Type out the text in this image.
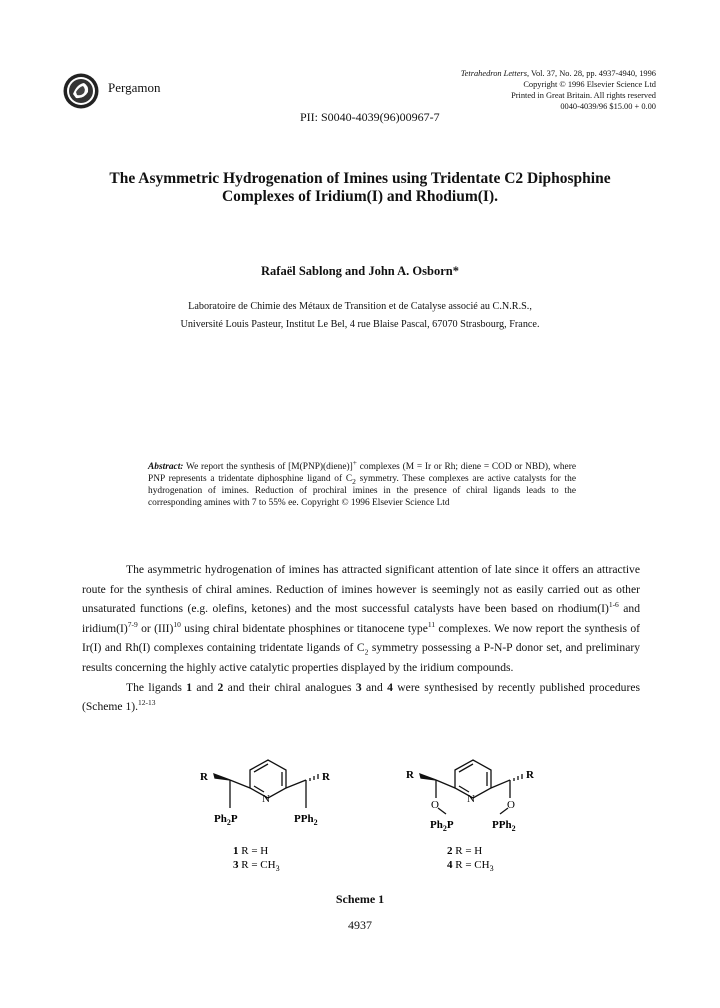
Pergamon
Tetrahedron Letters, Vol. 37, No. 28, pp. 4937-4940, 1996
Copyright © 1996 Elsevier Science Ltd
Printed in Great Britain. All rights reserved
0040-4039/96 $15.00 + 0.00
PII: S0040-4039(96)00967-7
The Asymmetric Hydrogenation of Imines using Tridentate C2 Diphosphine
Complexes of Iridium(I) and Rhodium(I).
Rafaël Sablong and John A. Osborn*
Laboratoire de Chimie des Métaux de Transition et de Catalyse associé au C.N.R.S.,
Université Louis Pasteur, Institut Le Bel, 4 rue Blaise Pascal, 67070 Strasbourg, France.
Abstract: We report the synthesis of [M(PNP)(diene)]+ complexes (M = Ir or Rh; diene = COD or NBD), where PNP represents a tridentate diphosphine ligand of $C_2$ symmetry. These complexes are active catalysts for the hydrogenation of imines. Reduction of prochiral imines in the presence of chiral ligands leads to the corresponding amines with 7 to 55% ee. Copyright © 1996 Elsevier Science Ltd

The asymmetric hydrogenation of imines has attracted significant attention of late since it offers an attractive route for the synthesis of chiral amines. Reduction of imines however is seemingly not as easily carried out as other unsaturated functions (e.g. olefins, ketones) and the most successful catalysts have been based on $rhodium(I)^{1-6}$ and $iridium(I)^{7-9}$ or (III)$^{10}$ using chiral bidentate phosphines or titanocene type$^{11}$ complexes. We now report the synthesis of Ir(I) and Rh(I) complexes containing tridentate ligands of $C_2$ symmetry possessing a P-N-P donor set, and preliminary results concerning the highly active catalytic properties displayed by the iridium compounds.

The ligands 1 and 2 and their chiral analogues 3 and 4 were synthesised by recently published procedures (Scheme 1).$^{12-13}$

R	R
N
$Ph_2P$	PPh$_2$
1 R = H
3 $R = CH_3$
R	R
N
O	O
$Ph_2P$	PPh$_2$
2 R = H
4 $R = CH_3$
Scheme 1
4937
